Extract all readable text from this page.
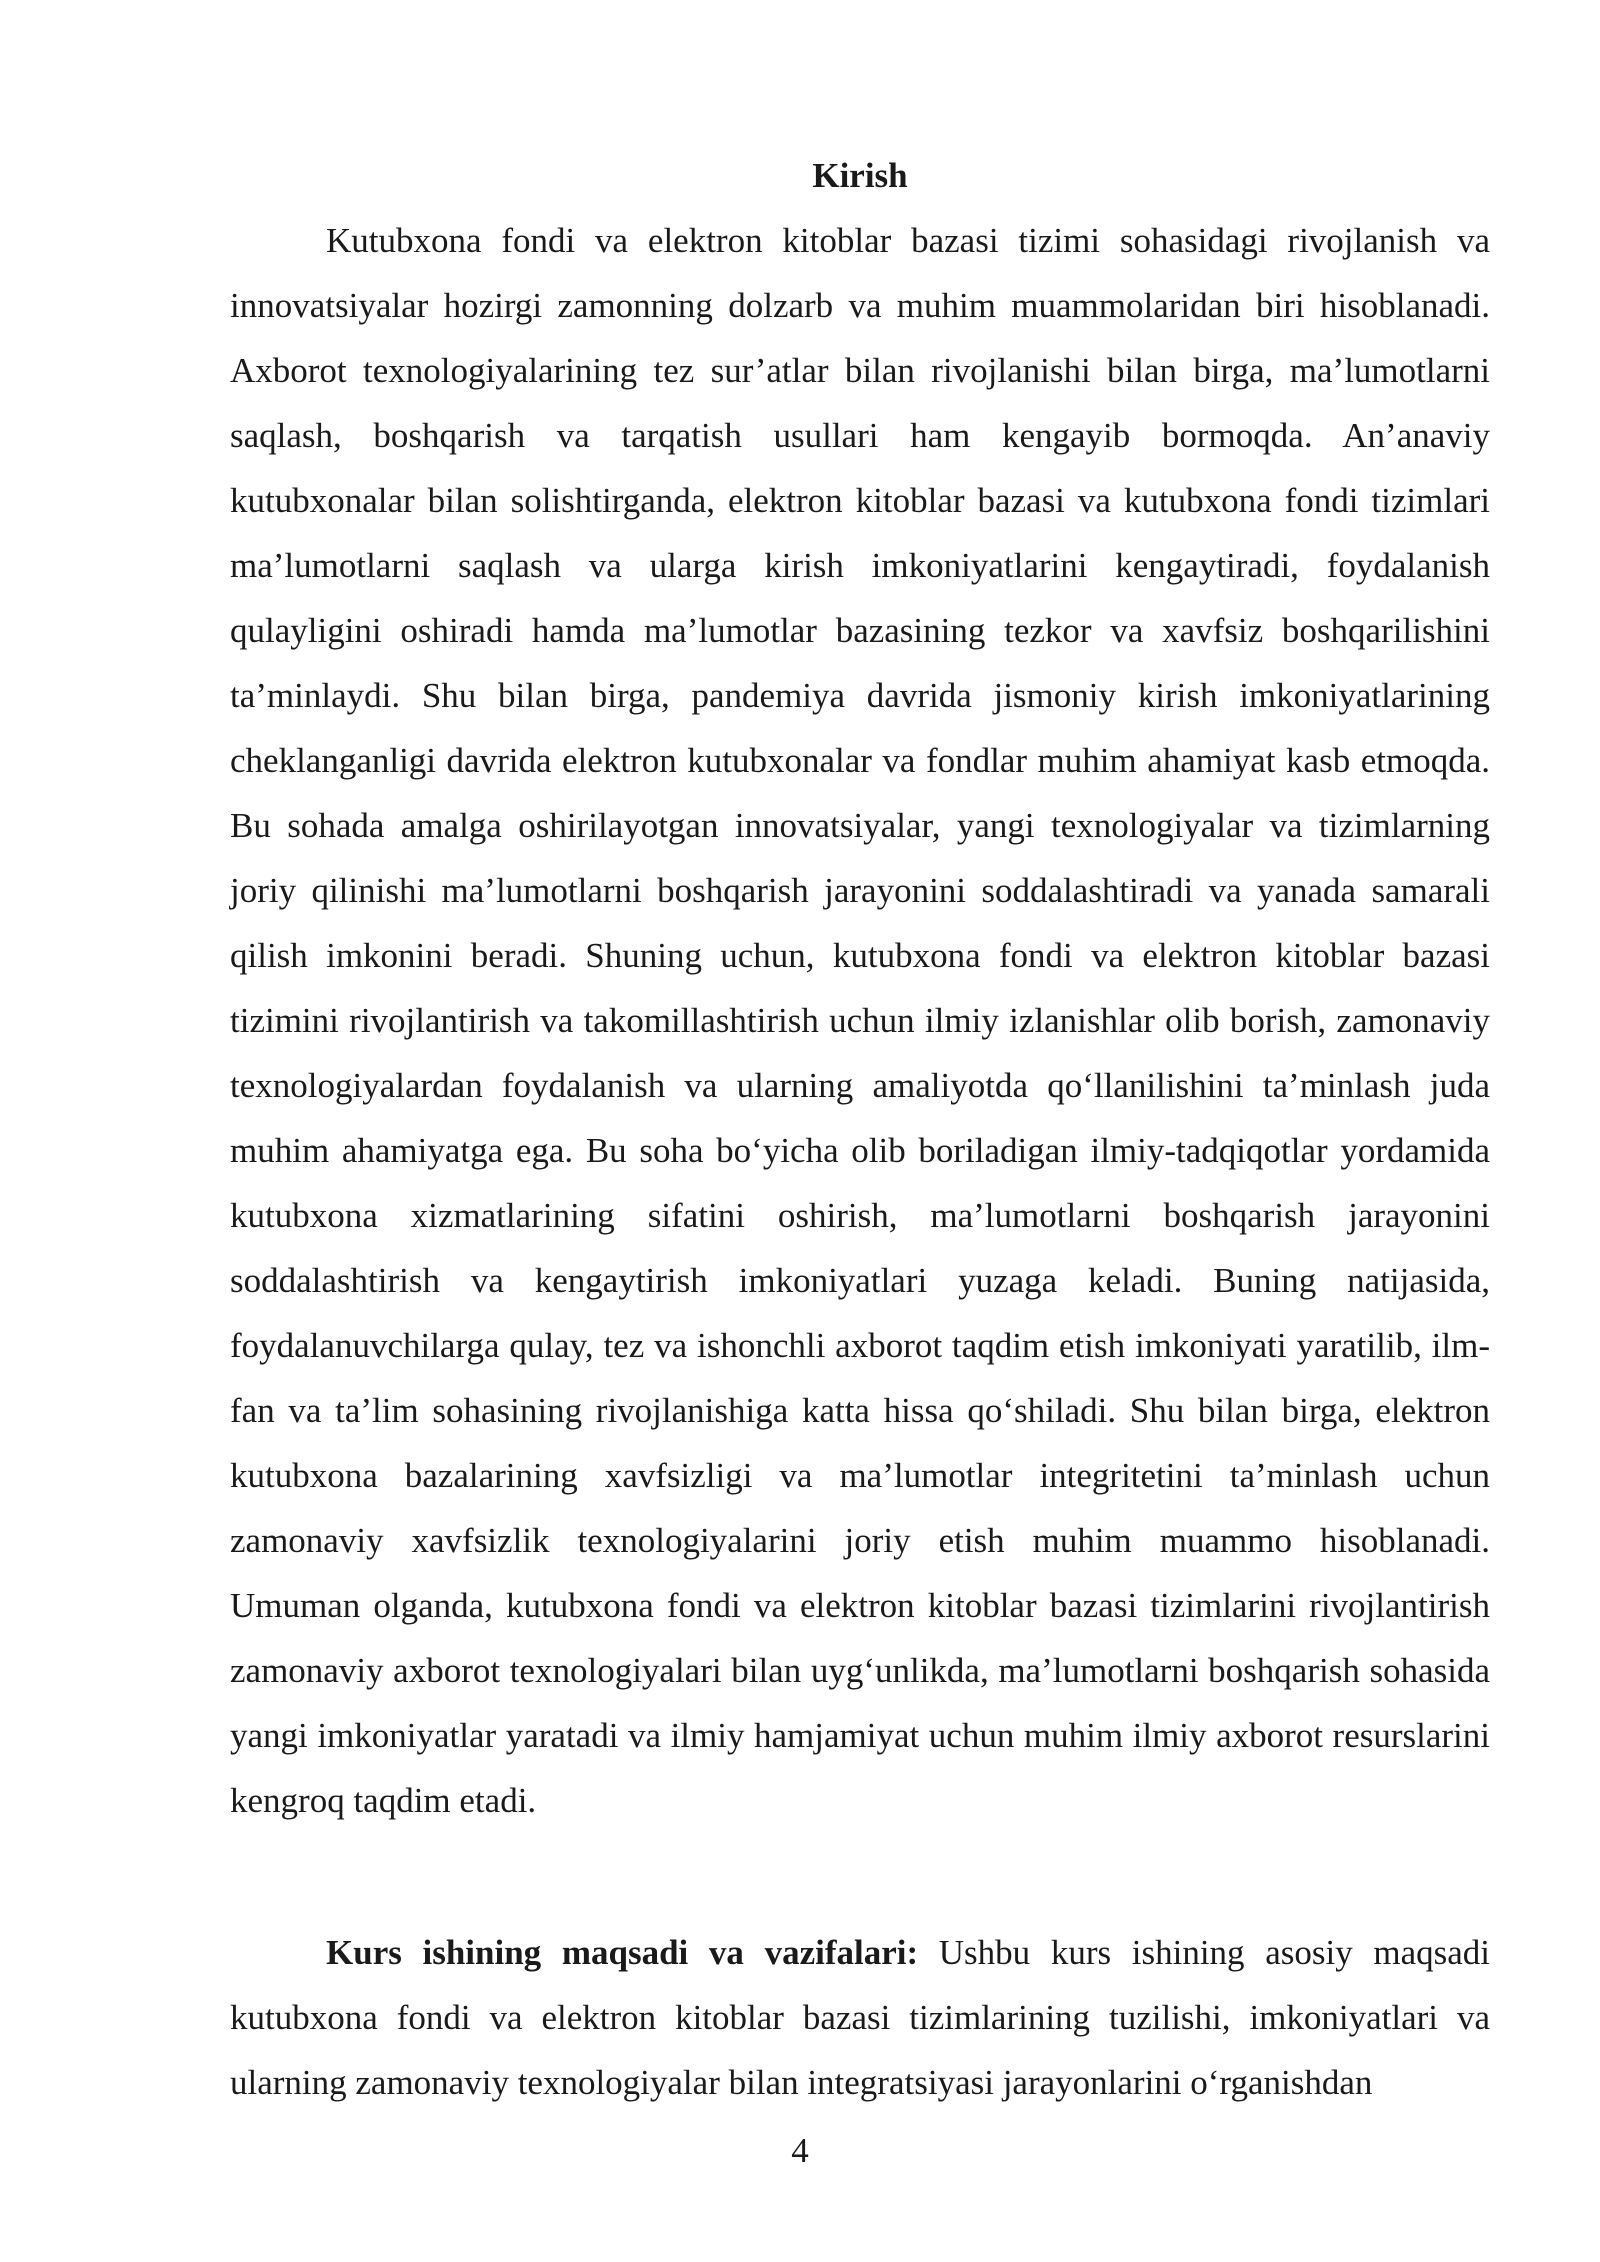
Kirish

Kutubxona fondi va elektron kitoblar bazasi tizimi sohasidagi rivojlanish va innovatsiyalar hozirgi zamonning dolzarb va muhim muammolaridan biri hisoblanadi. Axborot texnologiyalarining tez sur’atlar bilan rivojlanishi bilan birga, ma’lumotlarni saqlash, boshqarish va tarqatish usullari ham kengayib bormoqda. An’anaviy kutubxonalar bilan solishtirganda, elektron kitoblar bazasi va kutubxona fondi tizimlari ma’lumotlarni saqlash va ularga kirish imkoniyatlarini kengaytiradi, foydalanish qulayligini oshiradi hamda ma’lumotlar bazasining tezkor va xavfsiz boshqarilishini ta’minlaydi. Shu bilan birga, pandemiya davrida jismoniy kirish imkoniyatlarining cheklanganligi davrida elektron kutubxonalar va fondlar muhim ahamiyat kasb etmoqda. Bu sohada amalga oshirilayotgan innovatsiyalar, yangi texnologiyalar va tizimlarning joriy qilinishi ma’lumotlarni boshqarish jarayonini soddalashtiradi va yanada samarali qilish imkonini beradi. Shuning uchun, kutubxona fondi va elektron kitoblar bazasi tizimini rivojlantirish va takomillashtirish uchun ilmiy izlanishlar olib borish, zamonaviy texnologiyalardan foydalanish va ularning amaliyotda qo‘llanilishini ta’minlash juda muhim ahamiyatga ega. Bu soha bo‘yicha olib boriladigan ilmiy-tadqiqotlar yordamida kutubxona xizmatlarining sifatini oshirish, ma’lumotlarni boshqarish jarayonini soddalashtirish va kengaytirish imkoniyatlari yuzaga keladi. Buning natijasida, foydalanuvchilarga qulay, tez va ishonchli axborot taqdim etish imkoniyati yaratilib, ilm-fan va ta’lim sohasining rivojlanishiga katta hissa qo‘shiladi. Shu bilan birga, elektron kutubxona bazalarining xavfsizligi va ma’lumotlar integritetini ta’minlash uchun zamonaviy xavfsizlik texnologiyalarini joriy etish muhim muammo hisoblanadi. Umuman olganda, kutubxona fondi va elektron kitoblar bazasi tizimlarini rivojlantirish zamonaviy axborot texnologiyalari bilan uyg‘unlikda, ma’lumotlarni boshqarish sohasida yangi imkoniyatlar yaratadi va ilmiy hamjamiyat uchun muhim ilmiy axborot resurslarini kengroq taqdim etadi.

Kurs ishining maqsadi va vazifalari: Ushbu kurs ishining asosiy maqsadi kutubxona fondi va elektron kitoblar bazasi tizimlarining tuzilishi, imkoniyatlari va ularning zamonaviy texnologiyalar bilan integratsiyasi jarayonlarini o‘rganishdan

4
